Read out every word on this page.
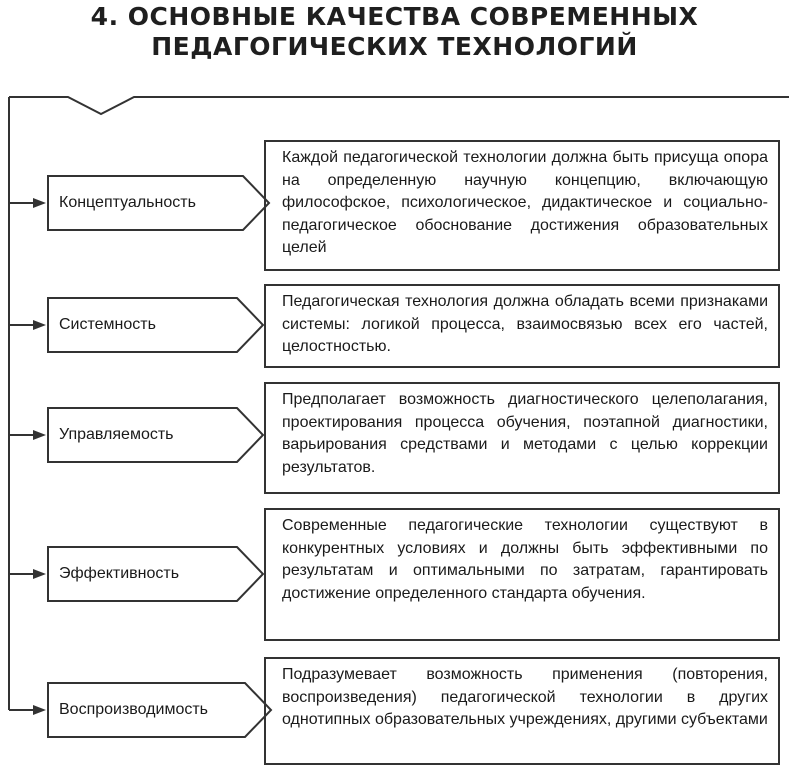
4. ОСНОВНЫЕ КАЧЕСТВА СОВРЕМЕННЫХ
ПЕДАГОГИЧЕСКИХ ТЕХНОЛОГИЙ
Концептуальность
Каждой педагогической технологии должна быть присуща опора на определенную научную концепцию, включающую философское, психологическое, дидактическое и социально-педагогическое обоснование достижения образовательных целей
Системность
Педагогическая технология должна обладать всеми признаками системы: логикой процесса, взаимосвязью всех его частей, целостностью.
Управляемость
Предполагает возможность диагностического целеполагания, проектирования процесса обучения, поэтапной диагностики, варьирования средствами и методами с целью коррекции результатов.
Эффективность
Современные педагогические технологии существуют в конкурентных условиях и должны быть эффективными по результатам и оптимальными по затратам, гарантировать достижение определенного стандарта обучения.
Воспроизводимость
Подразумевает возможность применения (повторения, воспроизведения) педагогической технологии в других однотипных образовательных учреждениях, другими субъектами
